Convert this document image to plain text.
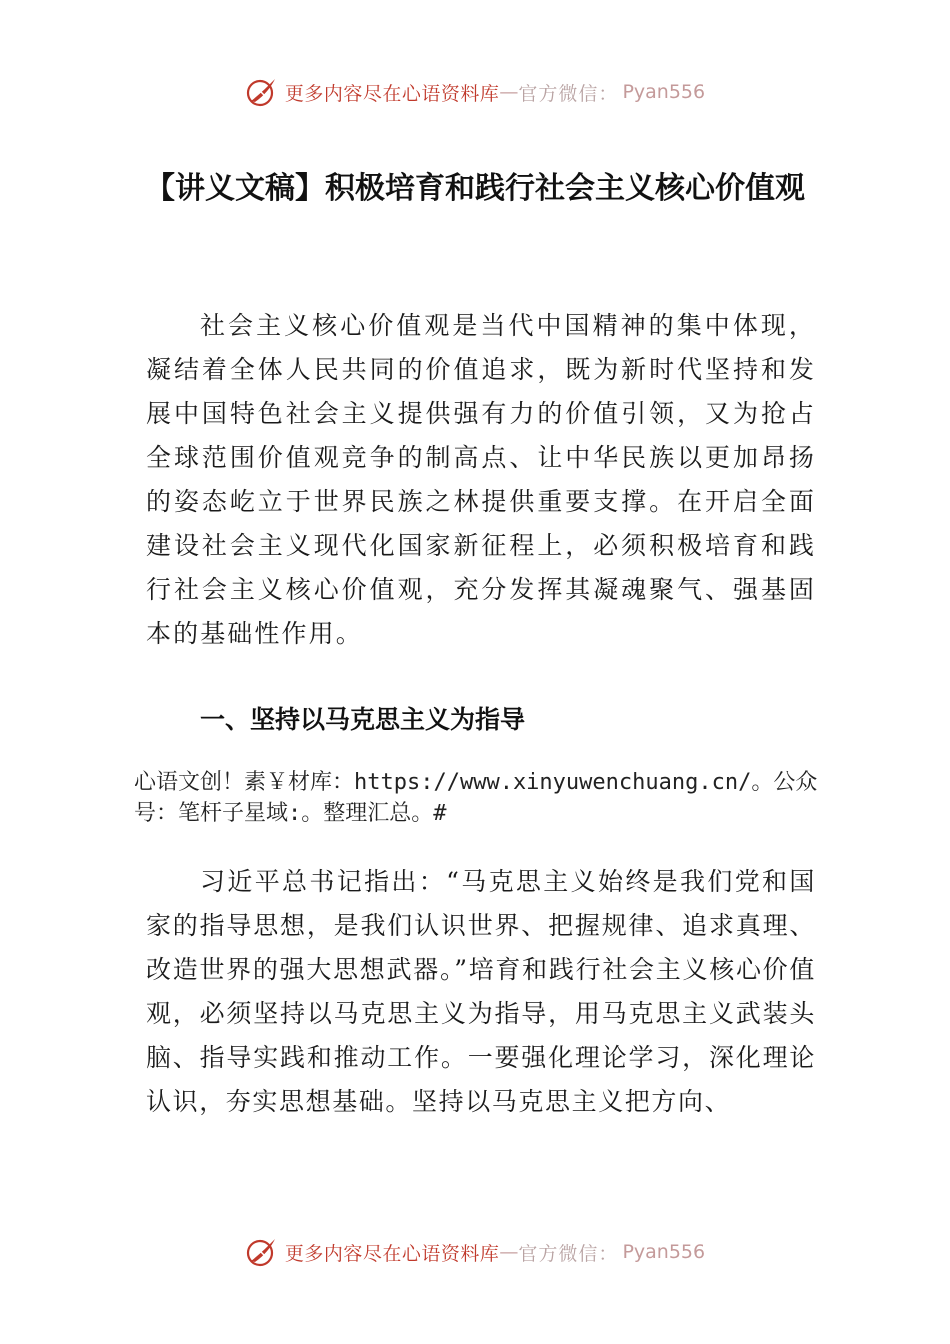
更多内容尽在心语资料库 — 官方微信： Pyan556
【讲义文稿】积极培育和践行社会主义核心价值观

社会主义核心价值观是当代中国精神的集中体现，凝结着全体人民共同的价值追求，既为新时代坚持和发展中国特色社会主义提供强有力的价值引领，又为抢占全球范围价值观竞争的制高点、让中华民族以更加昂扬的姿态屹立于世界民族之林提供重要支撑。在开启全面建设社会主义现代化国家新征程上，必须积极培育和践行社会主义核心价值观，充分发挥其凝魂聚气、强基固本的基础性作用。

一、坚持以马克思主义为指导

心语文创！素￥材库：https://www.xinyuwenchuang.cn/。公众号：笔杆子星域:。整理汇总。#

习近平总书记指出：“马克思主义始终是我们党和国家的指导思想，是我们认识世界、把握规律、追求真理、改造世界的强大思想武器。”培育和践行社会主义核心价值观，必须坚持以马克思主义为指导，用马克思主义武装头脑、指导实践和推动工作。一要强化理论学习，深化理论认识，夯实思想基础。坚持以马克思主义把方向、

更多内容尽在心语资料库 — 官方微信： Pyan556
